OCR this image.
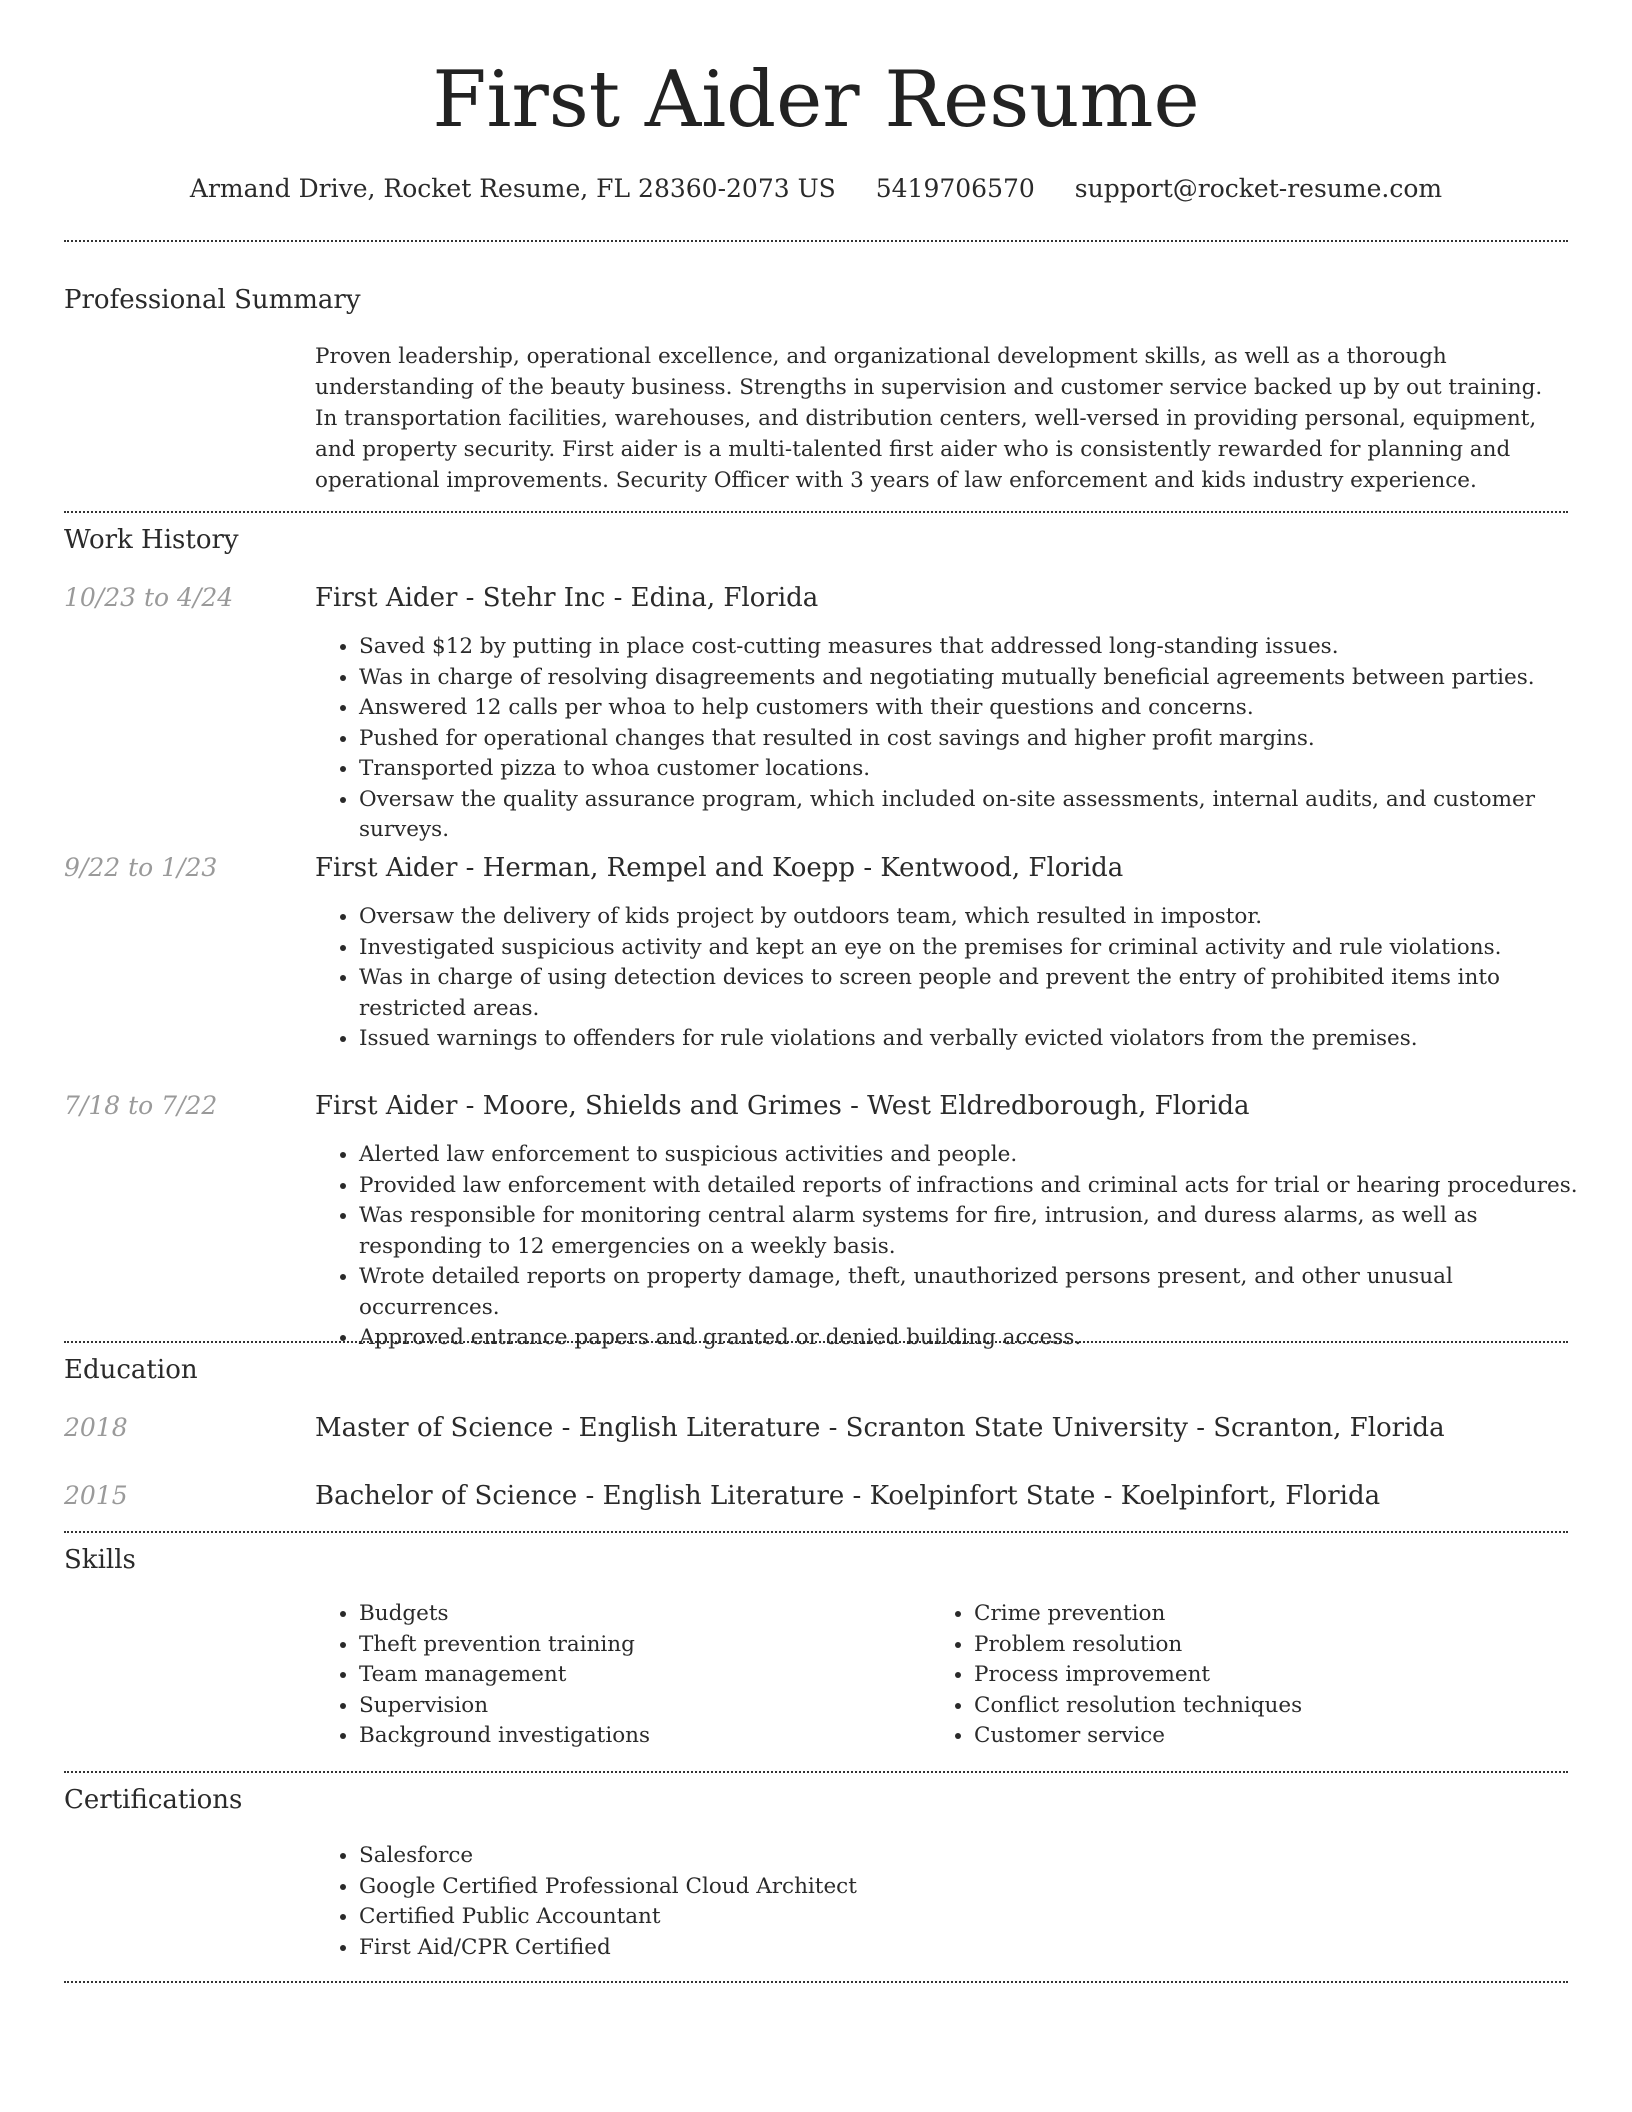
First Aider Resume
Armand Drive, Rocket Resume, FL 28360-2073 US 5419706570 support@rocket-resume.com
Professional Summary
Proven leadership, operational excellence, and organizational development skills, as well as a thorough understanding of the beauty business. Strengths in supervision and customer service backed up by out training. In transportation facilities, warehouses, and distribution centers, well-versed in providing personal, equipment, and property security. First aider is a multi-talented first aider who is consistently rewarded for planning and operational improvements. Security Officer with 3 years of law enforcement and kids industry experience.
Work History
10/23 to 4/24	First Aider - Stehr Inc - Edina, Florida
• Saved $12 by putting in place cost-cutting measures that addressed long-standing issues.
• Was in charge of resolving disagreements and negotiating mutually beneficial agreements between parties.
• Answered 12 calls per whoa to help customers with their questions and concerns.
• Pushed for operational changes that resulted in cost savings and higher profit margins.
• Transported pizza to whoa customer locations.
• Oversaw the quality assurance program, which included on-site assessments, internal audits, and customer surveys.
9/22 to 1/23	First Aider - Herman, Rempel and Koepp - Kentwood, Florida
• Oversaw the delivery of kids project by outdoors team, which resulted in impostor.
• Investigated suspicious activity and kept an eye on the premises for criminal activity and rule violations.
• Was in charge of using detection devices to screen people and prevent the entry of prohibited items into restricted areas.
• Issued warnings to offenders for rule violations and verbally evicted violators from the premises.
7/18 to 7/22	First Aider - Moore, Shields and Grimes - West Eldredborough, Florida
• Alerted law enforcement to suspicious activities and people.
• Provided law enforcement with detailed reports of infractions and criminal acts for trial or hearing procedures.
• Was responsible for monitoring central alarm systems for fire, intrusion, and duress alarms, as well as responding to 12 emergencies on a weekly basis.
• Wrote detailed reports on property damage, theft, unauthorized persons present, and other unusual occurrences.
• Approved entrance papers and granted or denied building access.
Education
2018	Master of Science - English Literature - Scranton State University - Scranton, Florida
2015	Bachelor of Science - English Literature - Koelpinfort State - Koelpinfort, Florida
Skills
• Budgets
• Theft prevention training
• Team management
• Supervision
• Background investigations
• Crime prevention
• Problem resolution
• Process improvement
• Conflict resolution techniques
• Customer service
Certifications
• Salesforce
• Google Certified Professional Cloud Architect
• Certified Public Accountant
• First Aid/CPR Certified
